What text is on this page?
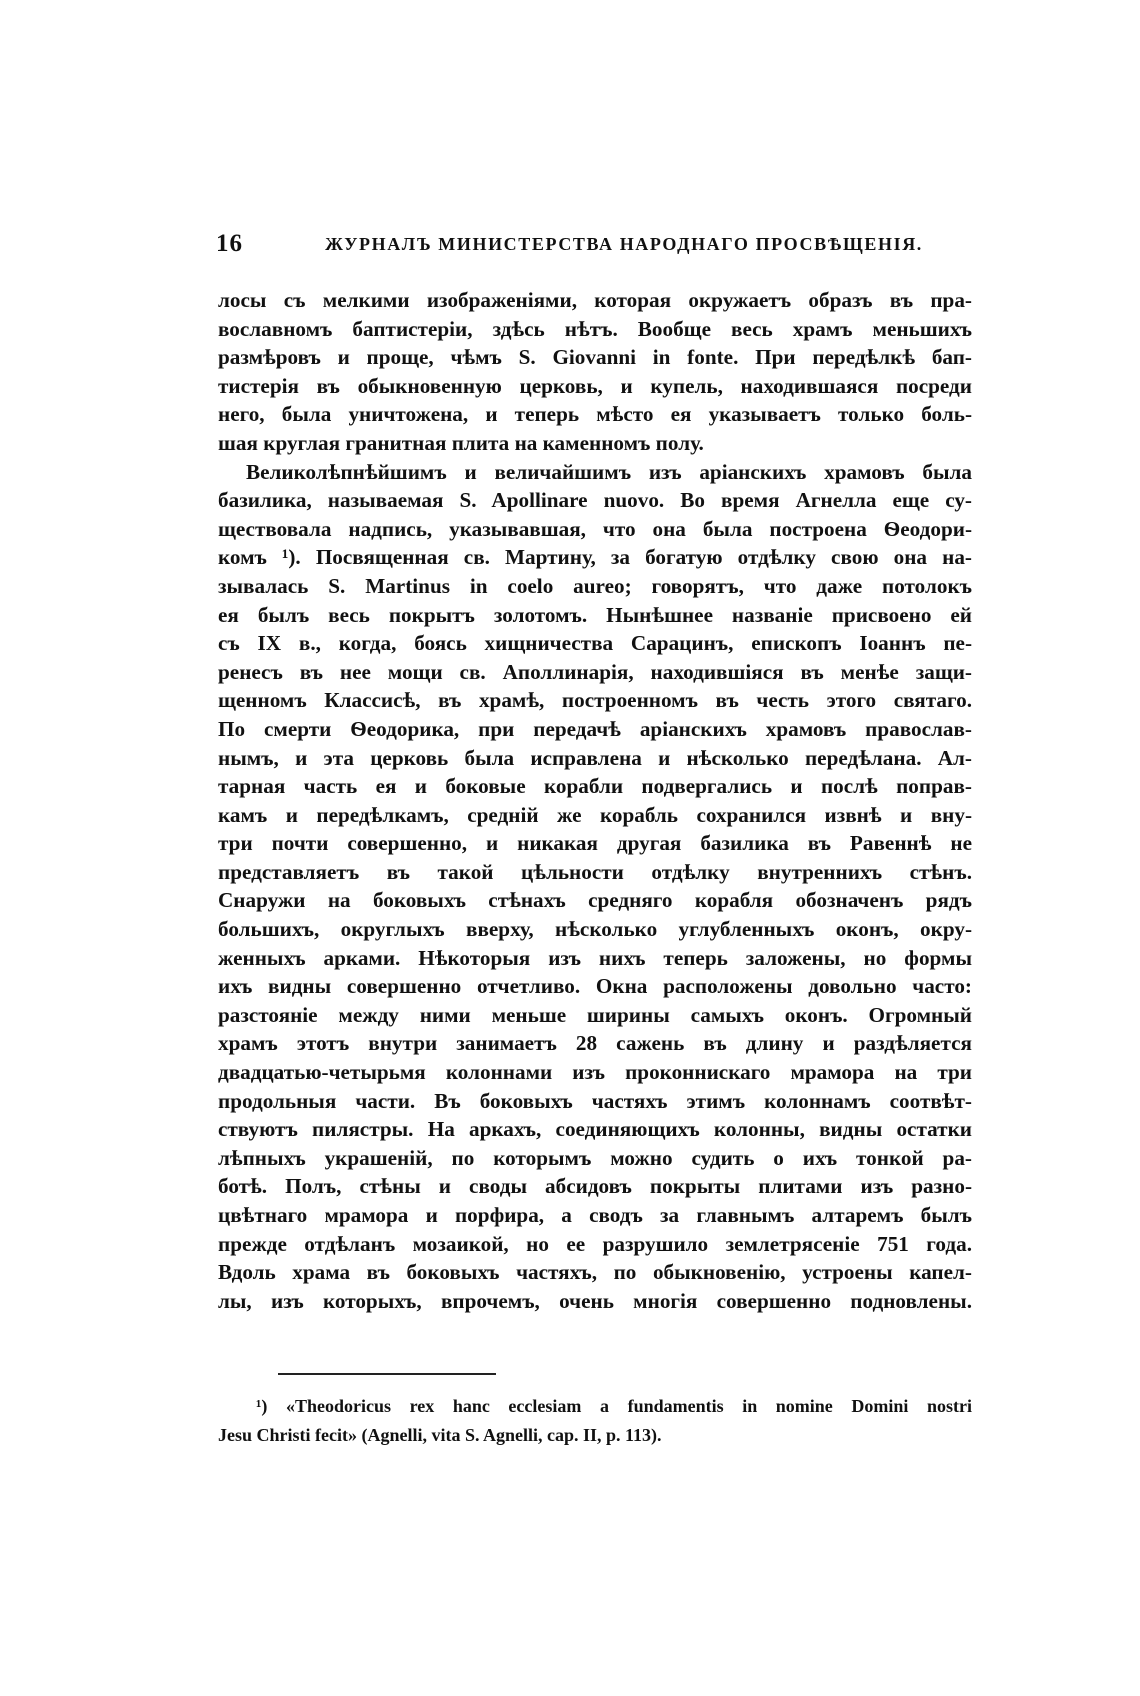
16	ЖУРНАЛЪ МИНИСТЕРСТВА НАРОДНАГО ПРОСВѢЩЕНІЯ.
лосы съ мелкими изображеніями, которая окружаетъ образъ въ пра-
вославномъ баптистеріи, здѣсь нѣтъ. Вообще весь храмъ меньшихъ
размѣровъ и проще, чѣмъ S. Giovanni in fonte. При передѣлкѣ бап-
тистерія въ обыкновенную церковь, и купель, находившаяся посреди
него, была уничтожена, и теперь мѣсто ея указываетъ только боль-
шая круглая гранитная плита на каменномъ полу.
Великолѣпнѣйшимъ и величайшимъ изъ аріанскихъ храмовъ была
базилика, называемая S. Apollinare nuovo. Во время Агнелла еще су-
ществовала надпись, указывавшая, что она была построена Ѳеодори-
комъ ¹). Посвященная св. Мартину, за богатую отдѣлку свою она на-
зывалась S. Martinus in coelo aureo; говорятъ, что даже потолокъ
ея былъ весь покрытъ золотомъ. Нынѣшнее названіе присвоено ей
съ IX в., когда, боясь хищничества Сарацинъ, епископъ Іоаннъ пе-
ренесъ въ нее мощи св. Аполлинарія, находившіяся въ менѣе защи-
щенномъ Классисѣ, въ храмѣ, построенномъ въ честь этого святаго.
По смерти Ѳеодорика, при передачѣ аріанскихъ храмовъ православ-
нымъ, и эта церковь была исправлена и нѣсколько передѣлана. Ал-
тарная часть ея и боковые корабли подвергались и послѣ поправ-
камъ и передѣлкамъ, средній же корабль сохранился извнѣ и вну-
три почти совершенно, и никакая другая базилика въ Равеннѣ не
представляетъ въ такой цѣльности отдѣлку внутреннихъ стѣнъ.
Снаружи на боковыхъ стѣнахъ средняго корабля обозначенъ рядъ
большихъ, округлыхъ вверху, нѣсколько углубленныхъ оконъ, окру-
женныхъ арками. Нѣкоторыя изъ нихъ теперь заложены, но формы
ихъ видны совершенно отчетливо. Окна расположены довольно часто:
разстояніе между ними меньше ширины самыхъ оконъ. Огромный
храмъ этотъ внутри занимаетъ 28 сажень въ длину и раздѣляется
двадцатью-четырьмя колоннами изъ проконнискаго мрамора на три
продольныя части. Въ боковыхъ частяхъ этимъ колоннамъ соотвѣт-
ствуютъ пилястры. На аркахъ, соединяющихъ колонны, видны остатки
лѣпныхъ украшеній, по которымъ можно судить о ихъ тонкой ра-
ботѣ. Полъ, стѣны и своды абсидовъ покрыты плитами изъ разно-
цвѣтнаго мрамора и порфира, а сводъ за главнымъ алтаремъ былъ
прежде отдѣланъ мозаикой, но ее разрушило землетрясеніе 751 года.
Вдоль храма въ боковыхъ частяхъ, по обыкновенію, устроены капел-
лы, изъ которыхъ, впрочемъ, очень многія совершенно подновлены.
¹) «Theodoricus rex hanc ecclesiam a fundamentis in nomine Domini nostri
Jesu Christi fecit» (Agnelli, vita S. Agnelli, cap. II, p. 113).
